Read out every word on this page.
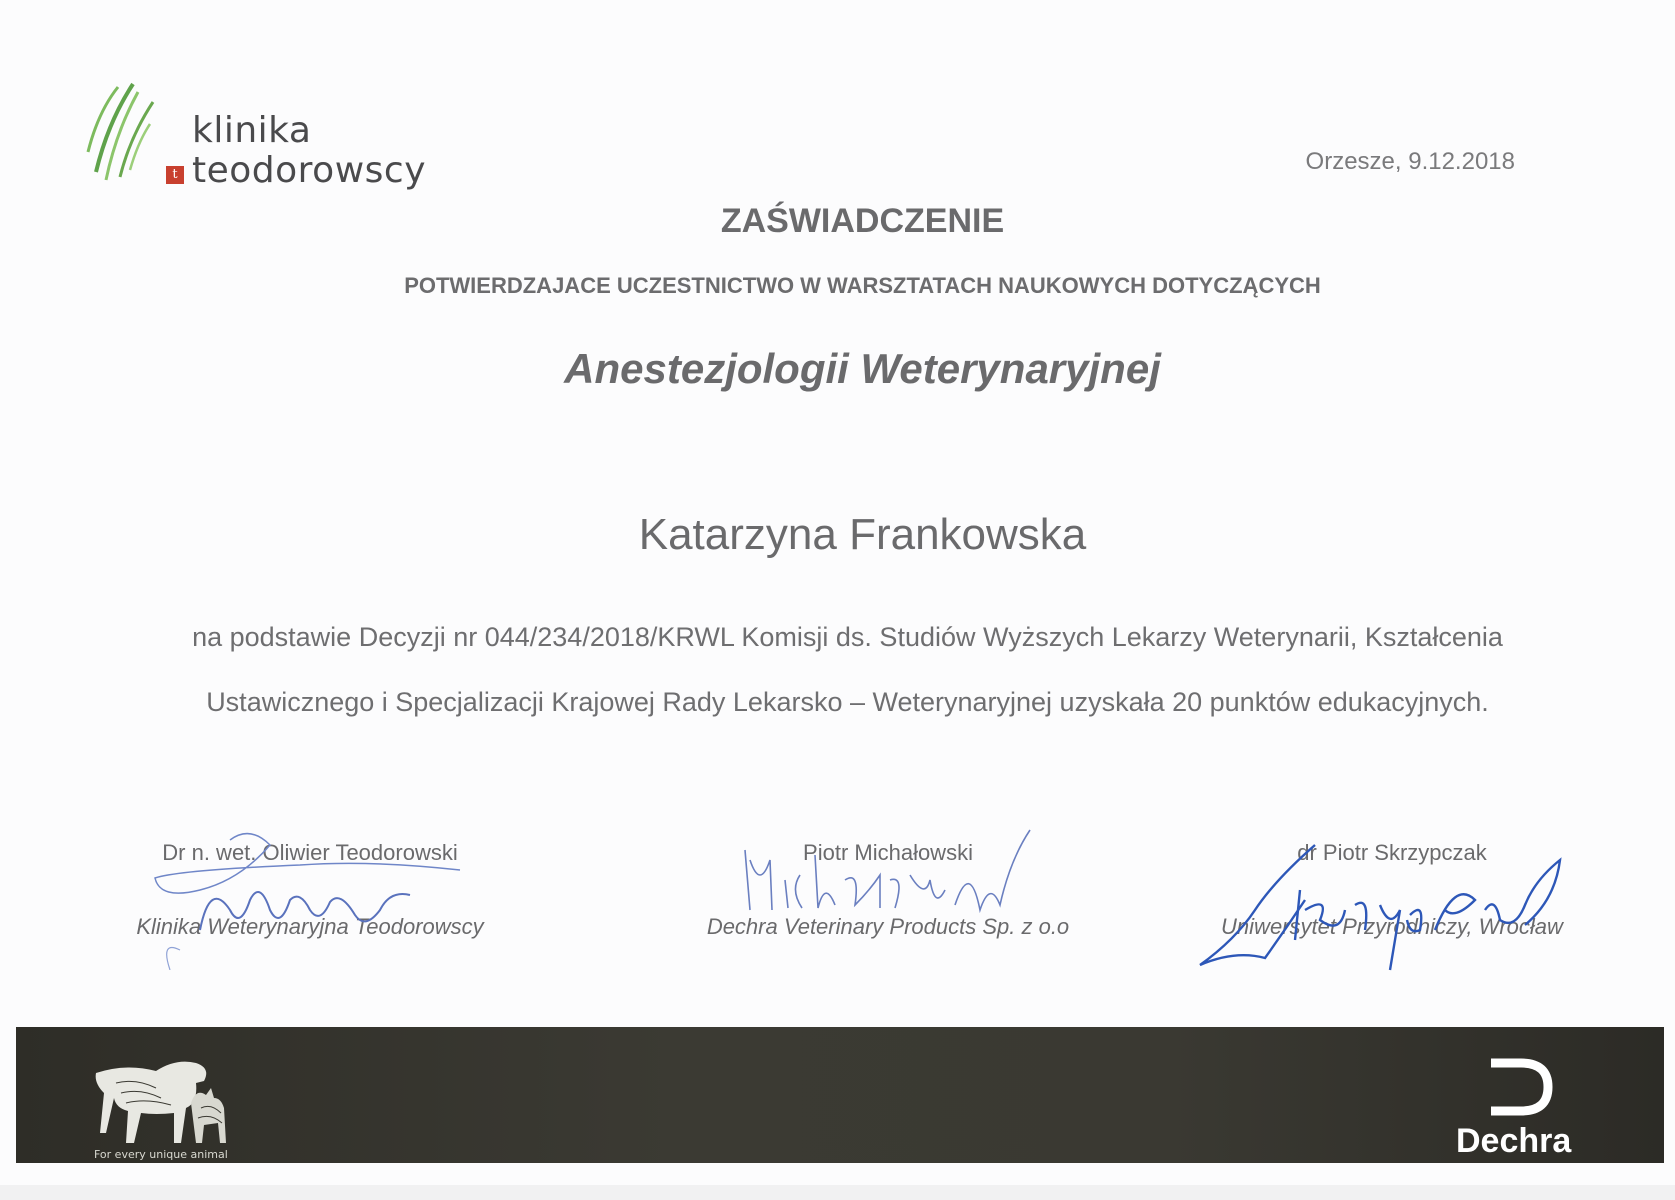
t
klinika
teodorowscy	Orzesze, 9.12.2018
ZAŚWIADCZENIE
POTWIERDZAJACE UCZESTNICTWO W WARSZTATACH NAUKOWYCH DOTYCZĄCYCH
Anestezjologii Weterynaryjnej
Katarzyna Frankowska
na podstawie Decyzji nr 044/234/2018/KRWL Komisji ds. Studiów Wyższych Lekarzy Weterynarii, Kształcenia
Ustawicznego i Specjalizacji Krajowej Rady Lekarsko – Weterynaryjnej uzyskała 20 punktów edukacyjnych.
Dr n. wet. Oliwier Teodorowski
Klinika Weterynaryjna Teodorowscy
Piotr Michałowski
Dechra Veterinary Products Sp. z o.o
dr Piotr Skrzypczak
Uniwersytet Przyrodniczy, Wrocław
For every unique animal	Dechra
